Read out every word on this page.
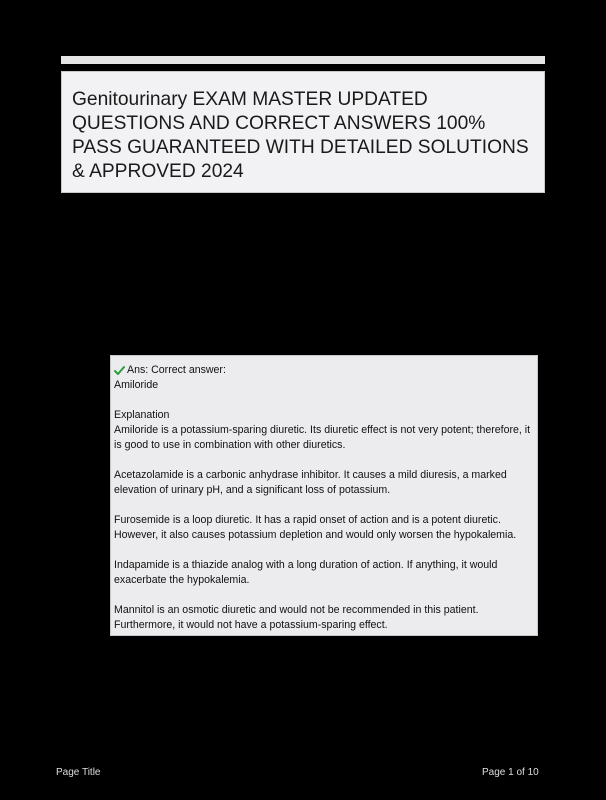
Genitourinary EXAM MASTER UPDATED QUESTIONS AND CORRECT ANSWERS 100% PASS GUARANTEED WITH DETAILED SOLUTIONS & APPROVED 2024
Ans: Correct answer:

Amiloride

Explanation

Amiloride is a potassium-sparing diuretic. Its diuretic effect is not very potent; therefore, it is good to use in combination with other diuretics.

Acetazolamide is a carbonic anhydrase inhibitor. It causes a mild diuresis, a marked elevation of urinary pH, and a significant loss of potassium.

Furosemide is a loop diuretic. It has a rapid onset of action and is a potent diuretic. However, it also causes potassium depletion and would only worsen the hypokalemia.

Indapamide is a thiazide analog with a long duration of action. If anything, it would exacerbate the hypokalemia.

Mannitol is an osmotic diuretic and would not be recommended in this patient. Furthermore, it would not have a potassium-sparing effect.

Page Title	Page 1 of 10
